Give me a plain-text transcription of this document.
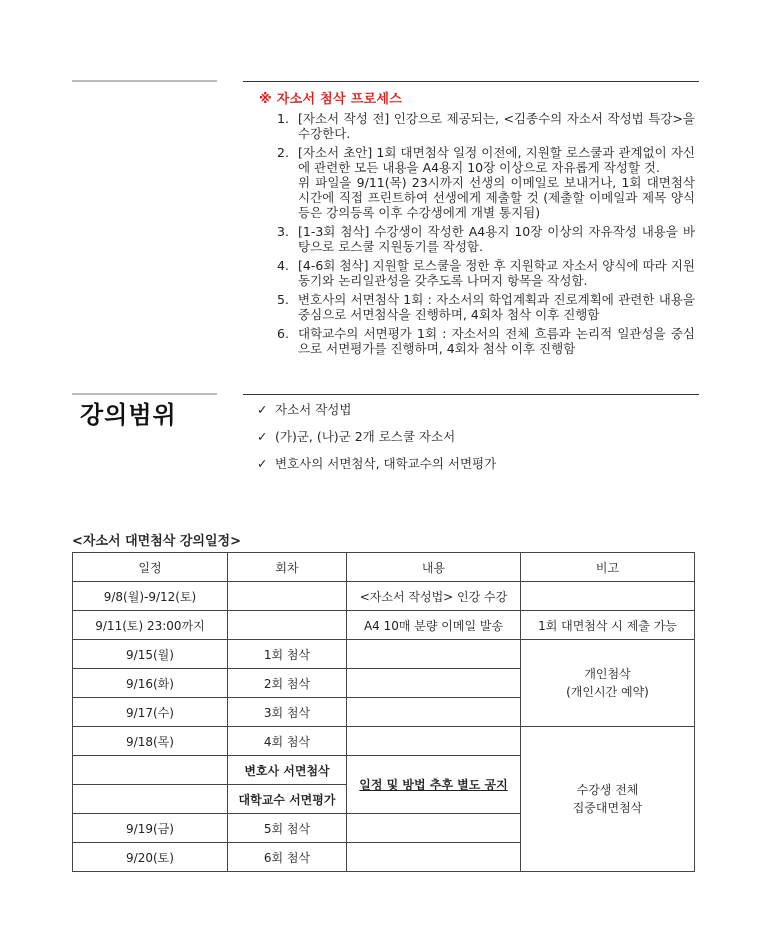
※ 자소서 첨삭 프로세스
1. [자소서 작성 전] 인강으로 제공되는, <김종수의 자소서 작성법 특강>을 수강한다.
2. [자소서 초안] 1회 대면첨삭 일정 이전에, 지원할 로스쿨과 관계없이 자신에 관련한 모든 내용을 A4용지 10장 이상으로 자유롭게 작성할 것.
위 파일을 9/11(목) 23시까지 선생의 이메일로 보내거나, 1회 대면첨삭시간에 직접 프린트하여 선생에게 제출할 것 (제출할 이메일과 제목 양식 등은 강의등록 이후 수강생에게 개별 통지됨)
3. [1-3회 첨삭] 수강생이 작성한 A4용지 10장 이상의 자유작성 내용을 바탕으로 로스쿨 지원동기를 작성함.
4. [4-6회 첨삭] 지원할 로스쿨을 정한 후 지원학교 자소서 양식에 따라 지원동기와 논리일관성을 갖추도록 나머지 항목을 작성함.
5. 변호사의 서면첨삭 1회 : 자소서의 학업계획과 진로계획에 관련한 내용을 중심으로 서면첨삭을 진행하며, 4회차 첨삭 이후 진행함
6. 대학교수의 서면평가 1회 : 자소서의 전체 흐름과 논리적 일관성을 중심으로 서면평가를 진행하며, 4회차 첨삭 이후 진행함
강의범위	✓ 자소서 작성법
✓ (가)군, (나)군 2개 로스쿨 자소서
✓ 변호사의 서면첨삭, 대학교수의 서면평가
<자소서 대면첨삭 강의일정>
일정	회차	내용	비고
9/8(월)-9/12(토)		<자소서 작성법> 인강 수강	
9/11(토) 23:00까지		A4 10매 분량 이메일 발송	1회 대면첨삭 시 제출 가능
9/15(월)	1회 첨삭		개인첨삭
(개인시간 예약)

9/16(화)	2회 첨삭		
9/17(수)	3회 첨삭		
9/18(목)	4회 첨삭		수강생 전체
집중대면첨삭

	변호사 서면첨삭	일정 및 방법 추후 별도 공지	
	대학교수 서면평가		
9/19(금)	5회 첨삭		
9/20(토)	6회 첨삭		
